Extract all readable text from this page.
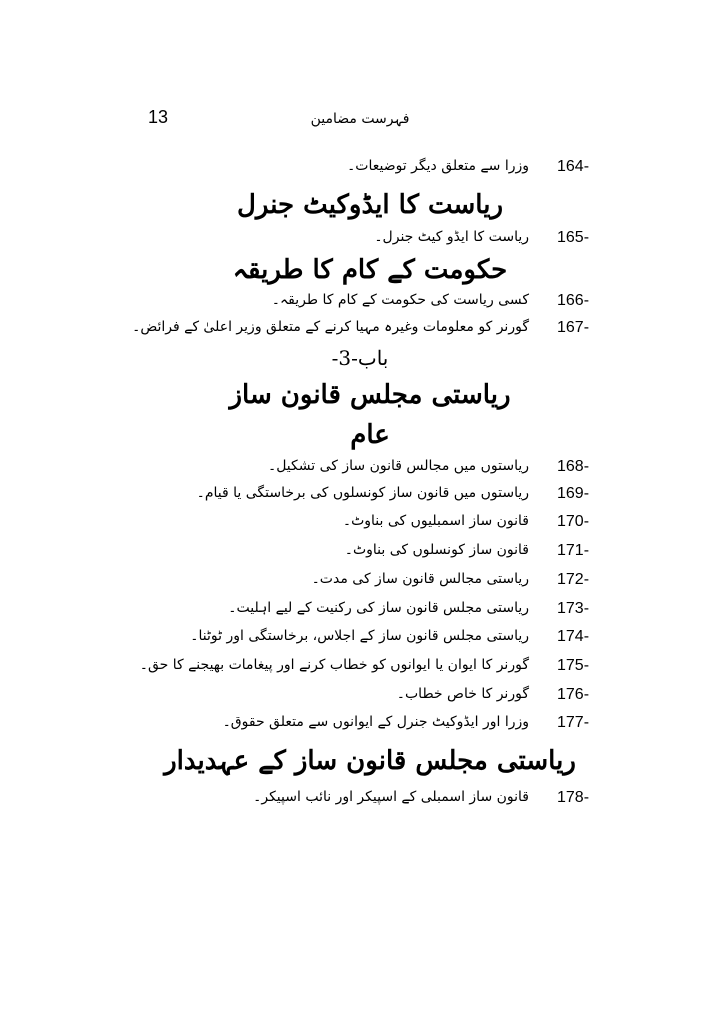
13	فہرست مضامین
164-
وزرا سے متعلق دیگر توضیعات۔
ریاست کا ایڈوکیٹ جنرل
165-
ریاست کا ایڈو کیٹ جنرل۔
حکومت کے کام کا طریقہ
166-
کسی ریاست کی حکومت کے کام کا طریقہ۔
167-
گورنر کو معلومات وغیرہ مہیا کرنے کے متعلق وزیر اعلیٰ کے فرائض۔
باب-3-
ریاستی مجلس قانون ساز
عام
168-
ریاستوں میں مجالس قانون ساز کی تشکیل۔
169-
ریاستوں میں قانون ساز کونسلوں کی برخاستگی یا قیام۔
170-
قانون ساز اسمبلیوں کی بناوٹ۔
171-
قانون ساز کونسلوں کی بناوٹ۔
172-
ریاستی مجالس قانون ساز کی مدت۔
173-
ریاستی مجلس قانون ساز کی رکنیت کے لیے اہلیت۔
174-
ریاستی مجلس قانون ساز کے اجلاس، برخاستگی اور ٹوٹنا۔
175-
گورنر کا ایوان یا ایوانوں کو خطاب کرنے اور پیغامات بھیجنے کا حق۔
176-
گورنر کا خاص خطاب۔
177-
وزرا اور ایڈوکیٹ جنرل کے ایوانوں سے متعلق حقوق۔
ریاستی مجلس قانون ساز کے عہدیدار
178-
قانون ساز اسمبلی کے اسپیکر اور نائب اسپیکر۔
